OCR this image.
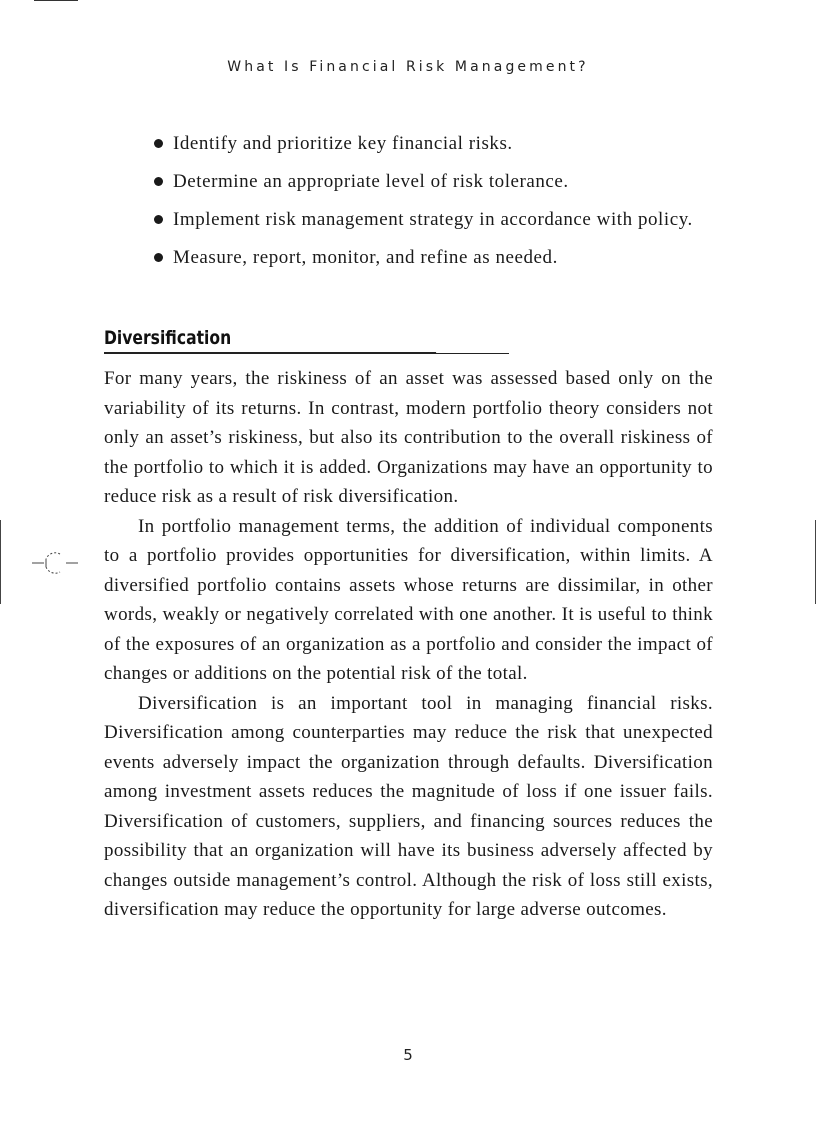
What Is Financial Risk Management?
Identify and prioritize key financial risks.
Determine an appropriate level of risk tolerance.
Implement risk management strategy in accordance with policy.
Measure, report, monitor, and refine as needed.
Diversification

For many years, the riskiness of an asset was assessed based only on the variability of its returns. In contrast, modern portfolio theory considers not only an asset’s riskiness, but also its contribution to the overall riskiness of the portfolio to which it is added. Organizations may have an opportunity to reduce risk as a result of risk diversification.

In portfolio management terms, the addition of individual components to a portfolio provides opportunities for diversification, within limits. A diversified portfolio contains assets whose returns are dissimilar, in other words, weakly or negatively correlated with one another. It is useful to think of the exposures of an organization as a portfolio and consider the impact of changes or additions on the potential risk of the total.

Diversification is an important tool in managing financial risks. Diversification among counterparties may reduce the risk that unexpected events adversely impact the organization through defaults. Diversification among investment assets reduces the magnitude of loss if one issuer fails. Diversification of customers, suppliers, and financing sources reduces the possibility that an organization will have its business adversely affected by changes outside management’s control. Although the risk of loss still exists, diversification may reduce the opportunity for large adverse outcomes.

5
